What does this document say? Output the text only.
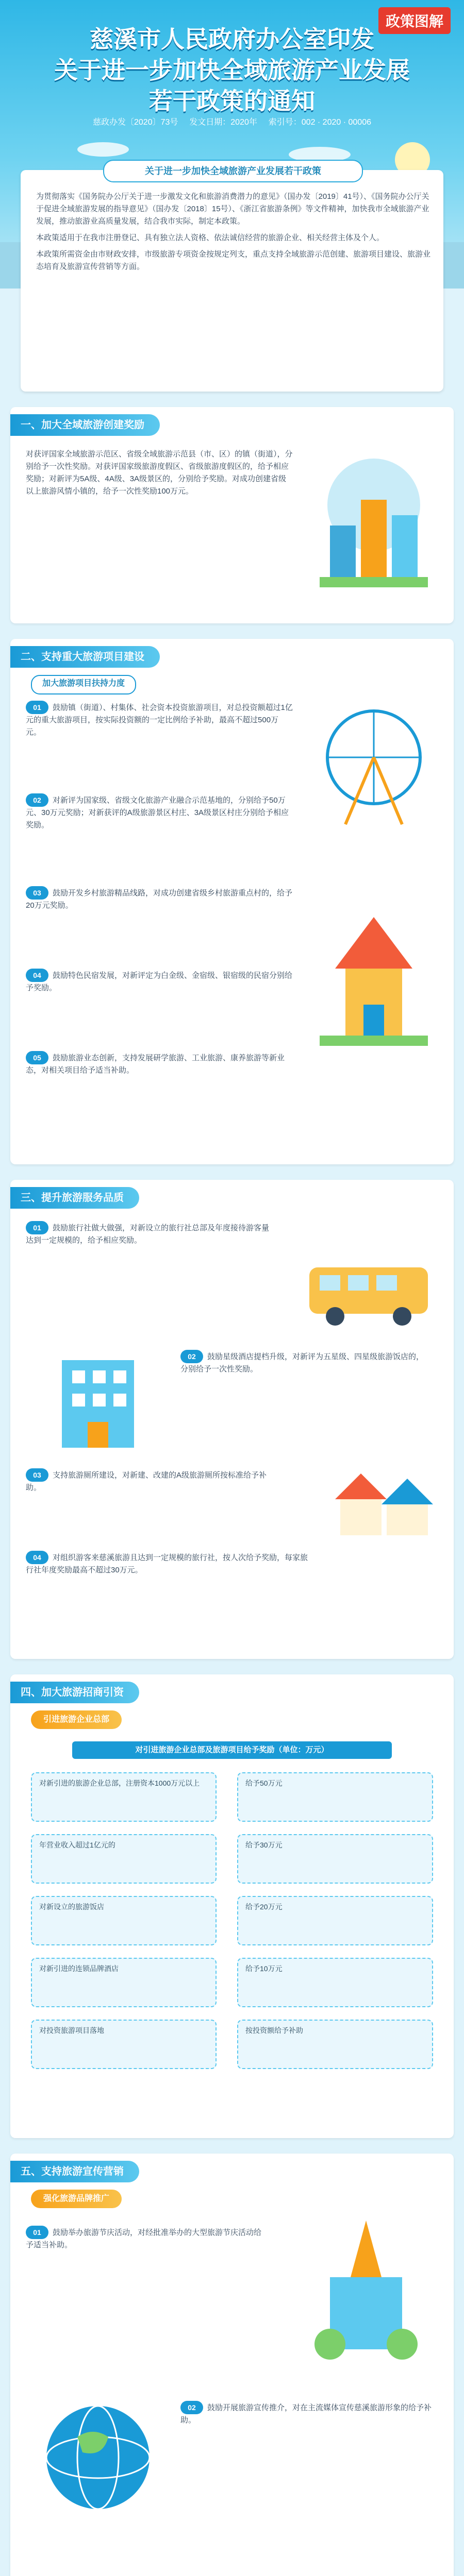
政策图解
慈溪市人民政府办公室印发
关于进一步加快全域旅游产业发展
若干政策的通知
慈政办发〔2020〕73号 发文日期：2020年 索引号：002 · 2020 · 00006
关于进一步加快全域旅游产业发展若干政策

为贯彻落实《国务院办公厅关于进一步激发文化和旅游消费潜力的意见》（国办发〔2019〕41号）、《国务院办公厅关于促进全域旅游发展的指导意见》（国办发〔2018〕15号）、《浙江省旅游条例》等文件精神，加快我市全域旅游产业发展，推动旅游业高质量发展，结合我市实际，制定本政策。

本政策适用于在我市注册登记、具有独立法人资格、依法诚信经营的旅游企业、相关经营主体及个人。

本政策所需资金由市财政安排，市级旅游专项资金按规定列支，重点支持全域旅游示范创建、旅游项目建设、旅游业态培育及旅游宣传营销等方面。

一、加大全域旅游创建奖励
对获评国家全域旅游示范区、省级全域旅游示范县（市、区）的镇（街道），分别给予一次性奖励。对获评国家级旅游度假区、省级旅游度假区的，给予相应奖励；对新评为5A级、4A级、3A级景区的，分别给予奖励。对成功创建省级以上旅游风情小镇的，给予一次性奖励100万元。
二、支持重大旅游项目建设
加大旅游项目扶持力度
01 鼓励镇（街道）、村集体、社会资本投资旅游项目，对总投资额超过1亿元的重大旅游项目，按实际投资额的一定比例给予补助，最高不超过500万元。
02 对新评为国家级、省级文化旅游产业融合示范基地的，分别给予50万元、30万元奖励；对新获评的A级旅游景区村庄、3A级景区村庄分别给予相应奖励。
03 鼓励开发乡村旅游精品线路，对成功创建省级乡村旅游重点村的，给予20万元奖励。
04 鼓励特色民宿发展，对新评定为白金级、金宿级、银宿级的民宿分别给予奖励。
05 鼓励旅游业态创新，支持发展研学旅游、工业旅游、康养旅游等新业态，对相关项目给予适当补助。
三、提升旅游服务品质
01 鼓励旅行社做大做强，对新设立的旅行社总部及年度接待游客量达到一定规模的，给予相应奖励。
02 鼓励星级酒店提档升级，对新评为五星级、四星级旅游饭店的，分别给予一次性奖励。
03 支持旅游厕所建设，对新建、改建的A级旅游厕所按标准给予补助。
04 对组织游客来慈溪旅游且达到一定规模的旅行社，按人次给予奖励，每家旅行社年度奖励最高不超过30万元。
四、加大旅游招商引资
引进旅游企业总部
对引进旅游企业总部及旅游项目给予奖励（单位：万元）
对新引进的旅游企业总部，注册资本1000万元以上	给予50万元
年营业收入超过1亿元的	给予30万元
对新设立的旅游饭店	给予20万元
对新引进的连锁品牌酒店	给予10万元
对投资旅游项目落地	按投资额给予补助
五、支持旅游宣传营销
强化旅游品牌推广
01 鼓励举办旅游节庆活动，对经批准举办的大型旅游节庆活动给予适当补助。
02 鼓励开展旅游宣传推介，对在主流媒体宣传慈溪旅游形象的给予补助。
